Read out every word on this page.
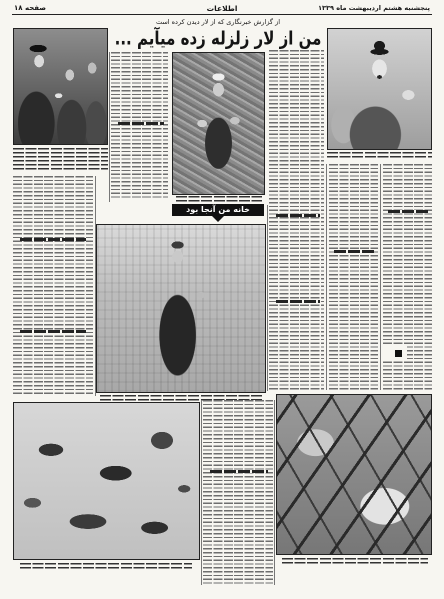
صفحه ۱۸	اطلاعات	پنجشنبه هشتم اردیبهشت ماه ۱۳۳۹
از گزارش خبرنگاری که از لار دیدن کرده است
من از لار زلزله زده میآیم ...
خانه من آنجا بود
